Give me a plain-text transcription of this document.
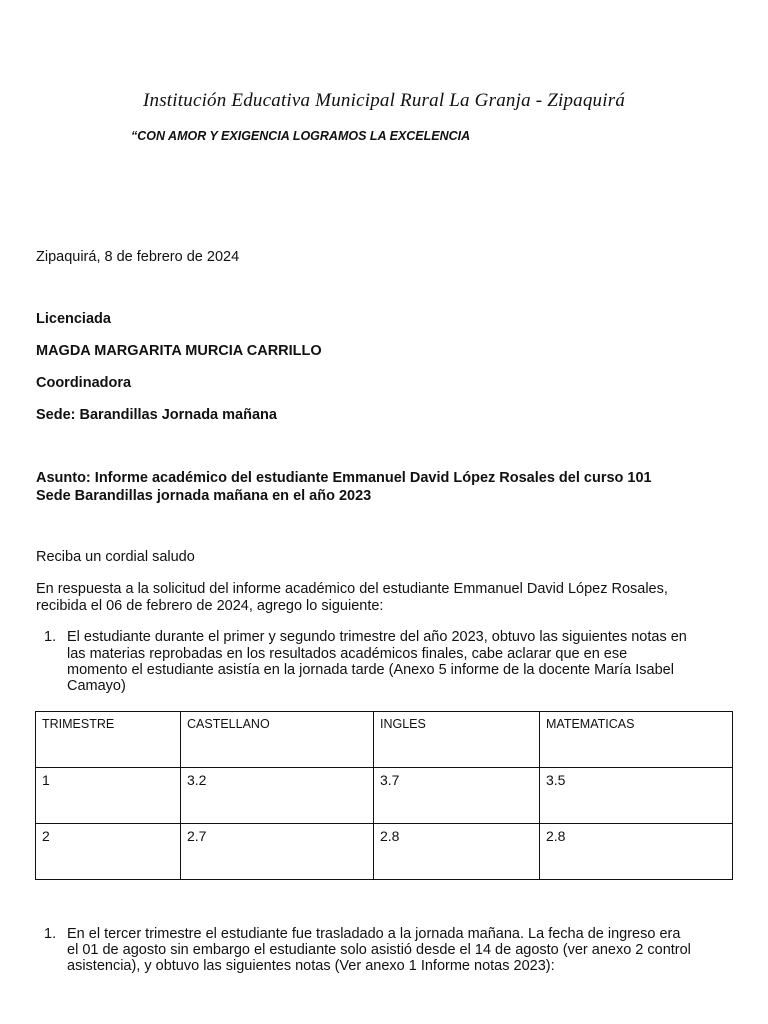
Institución Educativa Municipal Rural La Granja - Zipaquirá
“CON AMOR Y EXIGENCIA LOGRAMOS LA EXCELENCIA
Zipaquirá, 8 de febrero de 2024
Licenciada
MAGDA MARGARITA MURCIA CARRILLO
Coordinadora
Sede: Barandillas Jornada mañana
Asunto: Informe académico del estudiante Emmanuel David López Rosales del curso 101
Sede Barandillas jornada mañana en el año 2023
Reciba un cordial saludo
En respuesta a la solicitud del informe académico del estudiante Emmanuel David López Rosales,
recibida el 06 de febrero de 2024, agrego lo siguiente:
1. El estudiante durante el primer y segundo trimestre del año 2023, obtuvo las siguientes notas en
las materias reprobadas en los resultados académicos finales, cabe aclarar que en ese
momento el estudiante asistía en la jornada tarde (Anexo 5 informe de la docente María Isabel
Camayo)
TRIMESTRE	CASTELLANO	INGLES	MATEMATICAS
1	3.2	3.7	3.5
2	2.7	2.8	2.8
1. En el tercer trimestre el estudiante fue trasladado a la jornada mañana. La fecha de ingreso era
el 01 de agosto sin embargo el estudiante solo asistió desde el 14 de agosto (ver anexo 2 control
asistencia), y obtuvo las siguientes notas (Ver anexo 1 Informe notas 2023):
